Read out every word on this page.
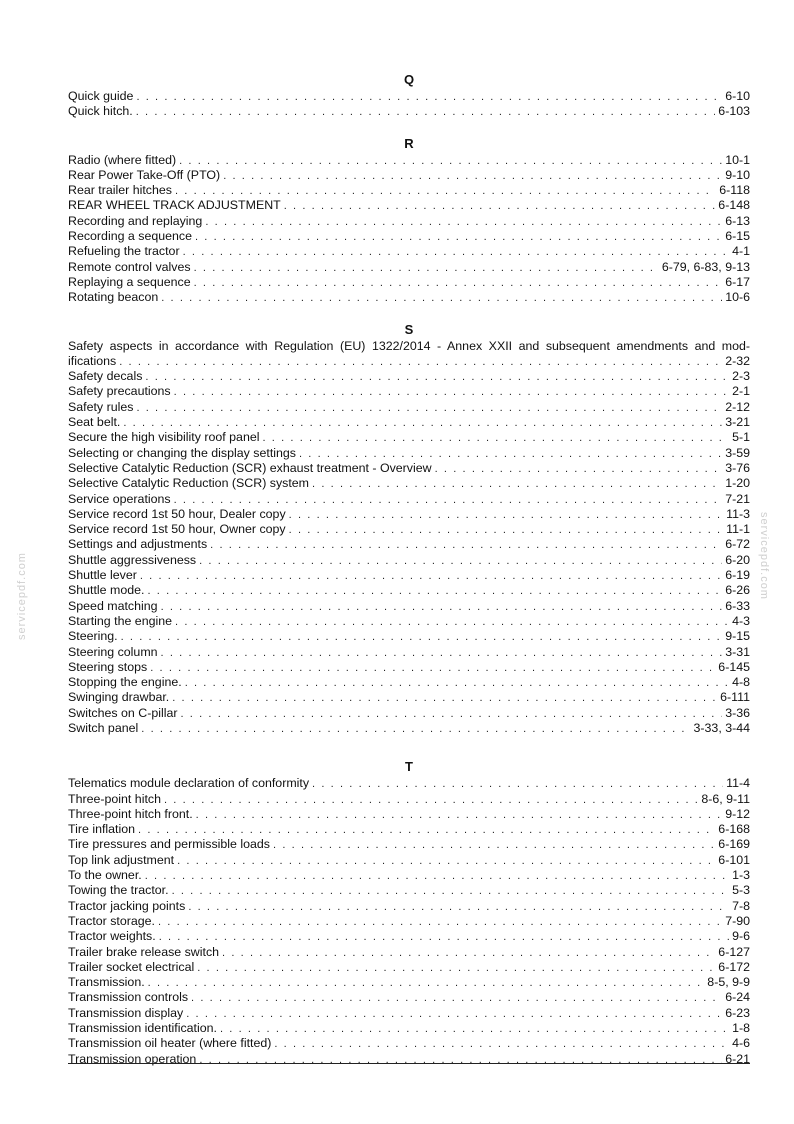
servicepdf.com	servicepdf.com
Q
Quick guide . . .	6-10
Quick hitch. . . .	6-103
R
Radio (where fitted) . . .	10-1
Rear Power Take-Off (PTO) . . .	9-10
Rear trailer hitches . . .	6-118
REAR WHEEL TRACK ADJUSTMENT . . .	6-148
Recording and replaying . . .	6-13
Recording a sequence . . .	6-15
Refueling the tractor . . .	4-1
Remote control valves . . .	6-79, 6-83, 9-13
Replaying a sequence . . .	6-17
Rotating beacon . . .	10-6
S
Safety aspects in accordance with Regulation (EU) 1322/2014 - Annex XXII and subsequent amendments and mod-
ifications . . .	2-32
Safety decals . . .	2-3
Safety precautions . . .	2-1
Safety rules . . .	2-12
Seat belt. . . .	3-21
Secure the high visibility roof panel . . .	5-1
Selecting or changing the display settings . . .	3-59
Selective Catalytic Reduction (SCR) exhaust treatment - Overview . . .	3-76
Selective Catalytic Reduction (SCR) system . . .	1-20
Service operations . . .	7-21
Service record 1st 50 hour, Dealer copy . . .	11-3
Service record 1st 50 hour, Owner copy . . .	11-1
Settings and adjustments . . .	6-72
Shuttle aggressiveness . . .	6-20
Shuttle lever . . .	6-19
Shuttle mode. . . .	6-26
Speed matching . . .	6-33
Starting the engine . . .	4-3
Steering. . . .	9-15
Steering column . . .	3-31
Steering stops . . .	6-145
Stopping the engine. . . .	4-8
Swinging drawbar. . . .	6-111
Switches on C-pillar . . .	3-36
Switch panel . . .	3-33, 3-44
T
Telematics module declaration of conformity . . .	11-4
Three-point hitch . . .	8-6, 9-11
Three-point hitch front. . . .	9-12
Tire inflation . . .	6-168
Tire pressures and permissible loads . . .	6-169
Top link adjustment . . .	6-101
To the owner. . . .	1-3
Towing the tractor. . . .	5-3
Tractor jacking points . . .	7-8
Tractor storage. . . .	7-90
Tractor weights. . . .	9-6
Trailer brake release switch . . .	6-127
Trailer socket electrical . . .	6-172
Transmission. . . .	8-5, 9-9
Transmission controls . . .	6-24
Transmission display . . .	6-23
Transmission identification. . . .	1-8
Transmission oil heater (where fitted) . . .	4-6
Transmission operation . . .	6-21
